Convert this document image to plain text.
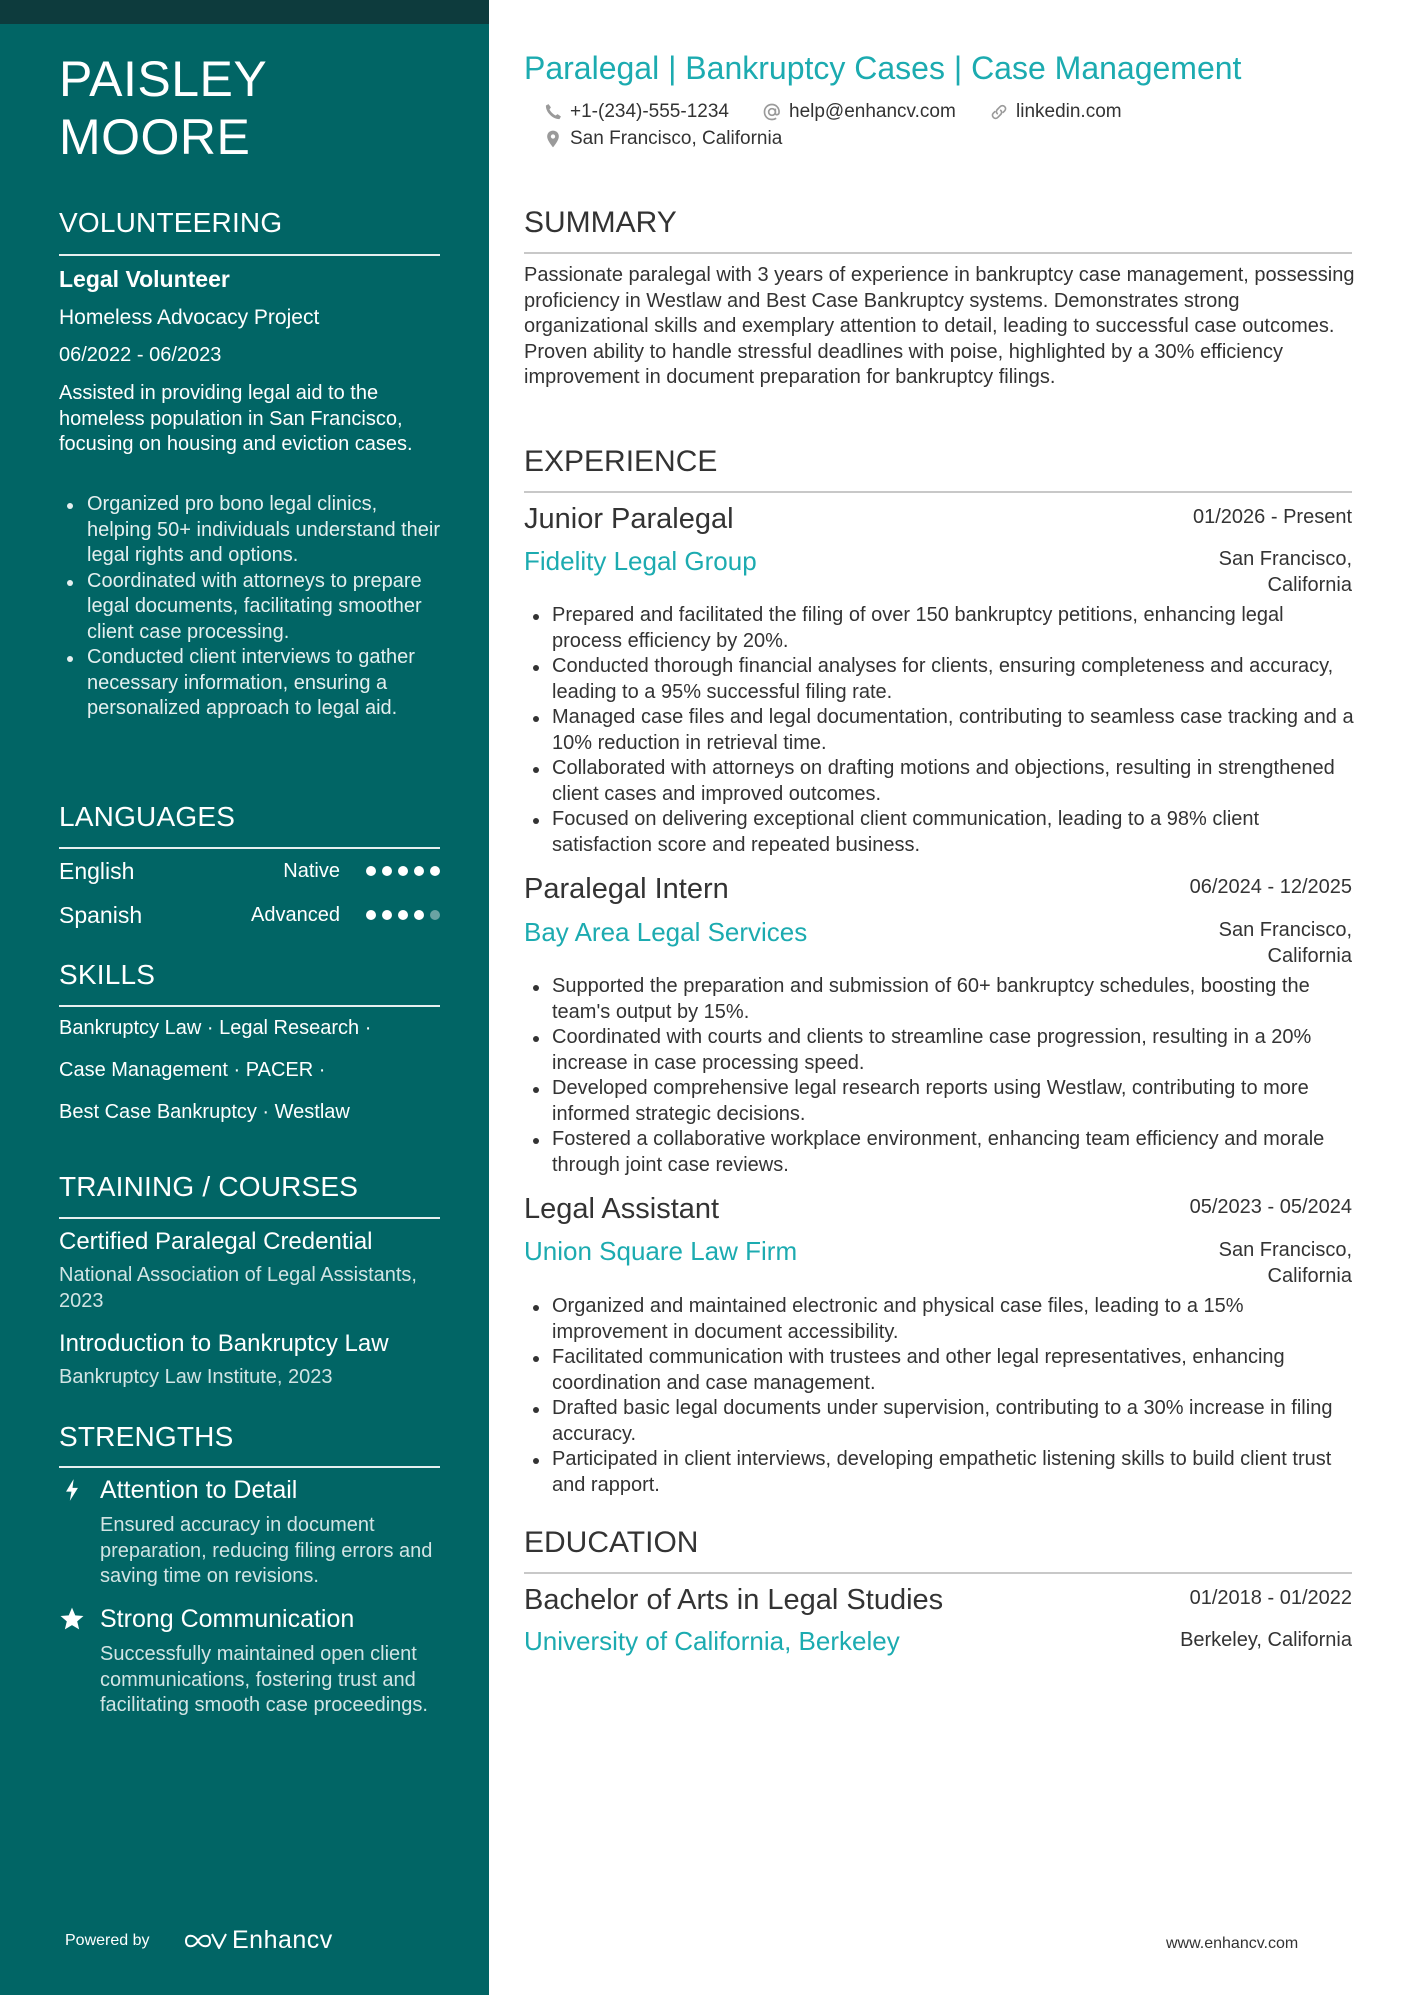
PAISLEY
MOORE
VOLUNTEERING
Legal Volunteer
Homeless Advocacy Project
06/2022 - 06/2023
Assisted in providing legal aid to the homeless population in San Francisco, focusing on housing and eviction cases.
Organized pro bono legal clinics, helping 50+ individuals understand their legal rights and options.
Coordinated with attorneys to prepare legal documents, facilitating smoother client case processing.
Conducted client interviews to gather necessary information, ensuring a personalized approach to legal aid.
LANGUAGES
English	Native
Spanish	Advanced
SKILLS
Bankruptcy Law · Legal Research ·
Case Management · PACER ·
Best Case Bankruptcy · Westlaw
TRAINING / COURSES
Certified Paralegal Credential
National Association of Legal Assistants, 2023
Introduction to Bankruptcy Law
Bankruptcy Law Institute, 2023
STRENGTHS
Attention to Detail
Ensured accuracy in document preparation, reducing filing errors and saving time on revisions.
Strong Communication
Successfully maintained open client communications, fostering trust and facilitating smooth case proceedings.
Powered by	Enhancv
Paralegal | Bankruptcy Cases | Case Management
+1-(234)-555-1234	help@enhancv.com	linkedin.com
San Francisco, California
SUMMARY
Passionate paralegal with 3 years of experience in bankruptcy case management, possessing proficiency in Westlaw and Best Case Bankruptcy systems. Demonstrates strong organizational skills and exemplary attention to detail, leading to successful case outcomes. Proven ability to handle stressful deadlines with poise, highlighted by a 30% efficiency improvement in document preparation for bankruptcy filings.
EXPERIENCE
Junior Paralegal	01/2026 - Present
Fidelity Legal Group	San Francisco, California
Prepared and facilitated the filing of over 150 bankruptcy petitions, enhancing legal process efficiency by 20%.
Conducted thorough financial analyses for clients, ensuring completeness and accuracy, leading to a 95% successful filing rate.
Managed case files and legal documentation, contributing to seamless case tracking and a 10% reduction in retrieval time.
Collaborated with attorneys on drafting motions and objections, resulting in strengthened client cases and improved outcomes.
Focused on delivering exceptional client communication, leading to a 98% client satisfaction score and repeated business.
Paralegal Intern	06/2024 - 12/2025
Bay Area Legal Services	San Francisco, California
Supported the preparation and submission of 60+ bankruptcy schedules, boosting the team's output by 15%.
Coordinated with courts and clients to streamline case progression, resulting in a 20% increase in case processing speed.
Developed comprehensive legal research reports using Westlaw, contributing to more informed strategic decisions.
Fostered a collaborative workplace environment, enhancing team efficiency and morale through joint case reviews.
Legal Assistant	05/2023 - 05/2024
Union Square Law Firm	San Francisco, California
Organized and maintained electronic and physical case files, leading to a 15% improvement in document accessibility.
Facilitated communication with trustees and other legal representatives, enhancing coordination and case management.
Drafted basic legal documents under supervision, contributing to a 30% increase in filing accuracy.
Participated in client interviews, developing empathetic listening skills to build client trust and rapport.
EDUCATION
Bachelor of Arts in Legal Studies	01/2018 - 01/2022
University of California, Berkeley	Berkeley, California
www.enhancv.com
